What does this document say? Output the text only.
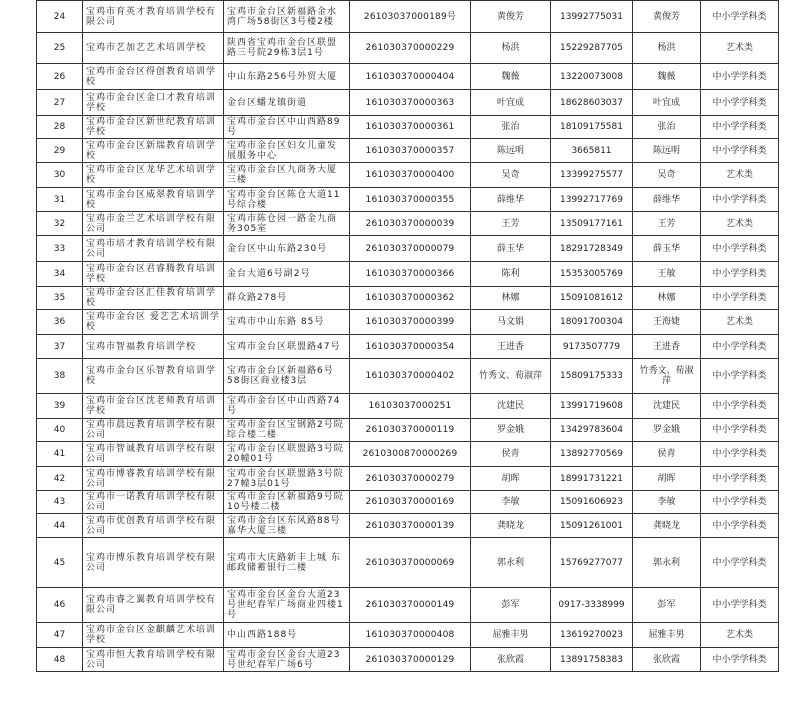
24	宝鸡市育英才教育培训学校有限公司	宝鸡市金台区新福路金水湾广场58街区3号楼2楼	26103037000189号	黄俊芳	13992775031	黄俊芳	中小学学科类
25	宝鸡市艺加艺艺术培训学校	陕西省宝鸡市金台区联盟路三号院29栋3层1号	261030370000229	杨洪	15229287705	杨洪	艺术类
26	宝鸡市金台区得创教育培训学校	中山东路256号外贸大厦	161030370000404	魏薇	13220073008	魏薇	中小学学科类
27	宝鸡市金台区金口才教育培训学校	金台区蟠龙镇街道	161030370000363	叶宜成	18628603037	叶宜成	中小学学科类
28	宝鸡市金台区新世纪教育培训学校	宝鸡市金台区中山西路89号	161030370000361	张治	18109175581	张治	中小学学科类
29	宝鸡市金台区新瑞教育培训学校	宝鸡市金台区妇女儿童发展服务中心	161030370000357	陈远明	3665811	陈远明	中小学学科类
30	宝鸡市金台区龙华艺术培训学校	宝鸡市金台区九商务大厦三楼	161030370000400	吴奇	13399275577	吴奇	艺术类
31	宝鸡市金台区威翠教育培训学校	宝鸡市金台区陈仓大道11号综合楼	161030370000355	薛维华	13992717769	薛维华	中小学学科类
32	宝鸡市金兰艺术培训学校有限公司	宝鸡市陈仓园一路金九商务305室	261030370000039	王芳	13509177161	王芳	艺术类
33	宝鸡市培才教育培训学校有限公司	金台区中山东路230号	261030370000079	薛玉华	18291728349	薛玉华	中小学学科类
34	宝鸡市金台区君睿腾教育培训学校	金台大道6号副2号	161030370000366	陈利	15353005769	王敏	中小学学科类
35	宝鸡市金台区汇佳教育培训学校	群众路278号	161030370000362	林娜	15091081612	林娜	中小学学科类
36	宝鸡市金台区 爱艺艺术培训学校	宝鸡市中山东路 85号	161030370000399	马文娟	18091700304	王海婕	艺术类
37	宝鸡市智福教育培训学校	宝鸡市金台区联盟路47号	161030370000354	王进香	9173507779	王进香	中小学学科类
38	宝鸡市金台区乐智教育培训学校	宝鸡市金台区新福路6号58街区商业楼3层	161030370000402	竹秀文、荀淑萍	15809175333	竹秀文、荀淑萍	中小学学科类
39	宝鸡市金台区沈老师教育培训学校	宝鸡市金台区中山西路74号	16103037000251	沈建民	13991719608	沈建民	中小学学科类
40	宝鸡市晨远教育培训学校有限公司	宝鸡市金台区宝钢路2号院综合楼二楼	261030370000119	罗金娥	13429783604	罗金娥	中小学学科类
41	宝鸡市智诚教育培训学校有限公司	宝鸡市金台区联盟路3号院20幢01号	2610300870000269	侯青	13892770569	侯青	中小学学科类
42	宝鸡市博睿教育培训学校有限公司	宝鸡市金台区联盟路3号院27幢3层01号	261030370000279	胡晖	18991731221	胡晖	中小学学科类
43	宝鸡市一诺教育培训学校有限公司	宝鸡市金台区新福路9号院10号楼二楼	261030370000169	李敏	15091606923	李敏	中小学学科类
44	宝鸡市优创教育培训学校有限公司	宝鸡市金台区东风路88号嘉华大厦三楼	261030370000139	龚晓龙	15091261001	龚晓龙	中小学学科类
45	宝鸡市博乐教育培训学校有限公司	宝鸡市大庆路新丰上城 东邮政储蓄银行二楼	261030370000069	郭永利	15769277077	郭永利	中小学学科类
46	宝鸡市睿之翼教育培训学校有限公司	宝鸡市金台区金台大道23号世纪春军广场商业四楼1号	261030370000149	彭军	0917-3338999	彭军	中小学学科类
47	宝鸡市金台区金麒麟艺术培训学校	中山西路188号	161030370000408	屈雅丰男	13619270023	屈雅丰男	艺术类
48	宝鸡市恒大教育培训学校有限公司	宝鸡市金台区金台大道23号世纪春军广场6号	261030370000129	张欣霞	13891758383	张欣霞	中小学学科类
